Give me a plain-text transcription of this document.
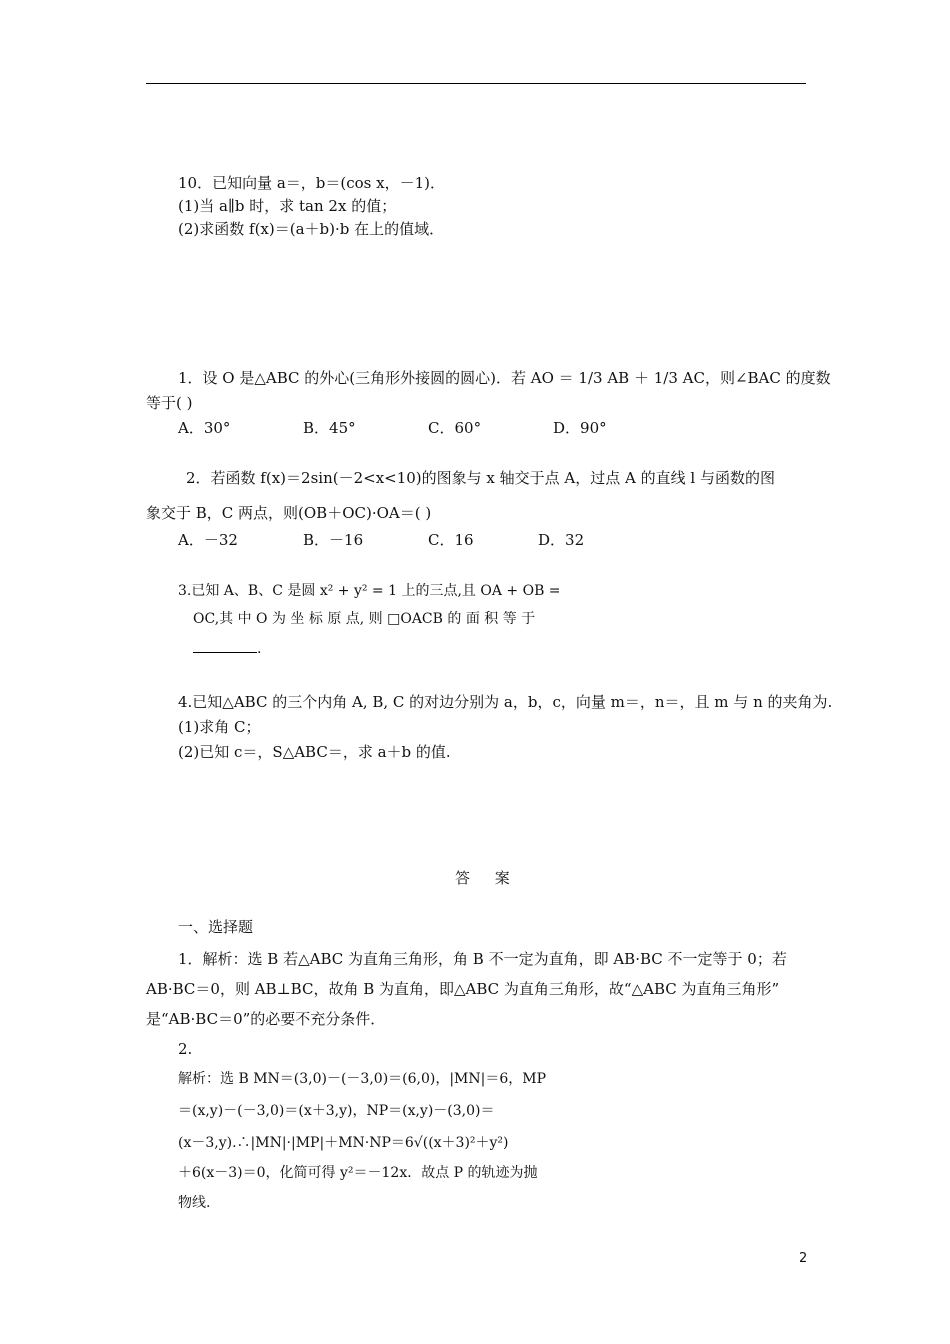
10．已知向量 a＝，b＝(cos x，－1)．
(1)当 a∥b 时，求 tan 2x 的值；
(2)求函数 f(x)＝(a＋b)·b 在上的值域．
1．设 O 是△ABC 的外心(三角形外接圆的圆心)．若 AO ＝ 1/3 AB ＋ 1/3 AC，则∠BAC 的度数
等于( )
A．30°	B．45°	C．60°	D．90°
2．若函数 f(x)＝2sin(－2<x<10)的图象与 x 轴交于点 A，过点 A 的直线 l 与函数的图
象交于 B，C 两点，则(OB＋OC)·OA＝( )
A．－32	B．－16	C．16	D．32
3.已知 A、B、C 是圆 x² + y² = 1 上的三点,且 OA + OB =
OC,其 中 O 为 坐 标 原 点, 则 □OACB 的 面 积 等 于
.
4.已知△ABC 的三个内角 A, B, C 的对边分别为 a，b，c，向量 m＝，n＝，且 m 与 n 的夹角为.
(1)求角 C；
(2)已知 c＝，S△ABC＝，求 a＋b 的值.
答 案
一、选择题
1．解析：选 B 若△ABC 为直角三角形，角 B 不一定为直角，即 AB·BC 不一定等于 0；若
AB·BC＝0，则 AB⊥BC，故角 B 为直角，即△ABC 为直角三角形，故“△ABC 为直角三角形”
是“AB·BC＝0”的必要不充分条件．
2.
解析：选 B MN＝(3,0)－(－3,0)＝(6,0)，|MN|＝6，MP
＝(x,y)－(－3,0)＝(x＋3,y)，NP＝(x,y)－(3,0)＝
(x－3,y).∴|MN|·|MP|＋MN·NP＝6√((x＋3)²＋y²)
＋6(x－3)＝0，化简可得 y²＝－12x．故点 P 的轨迹为抛
物线.
2
